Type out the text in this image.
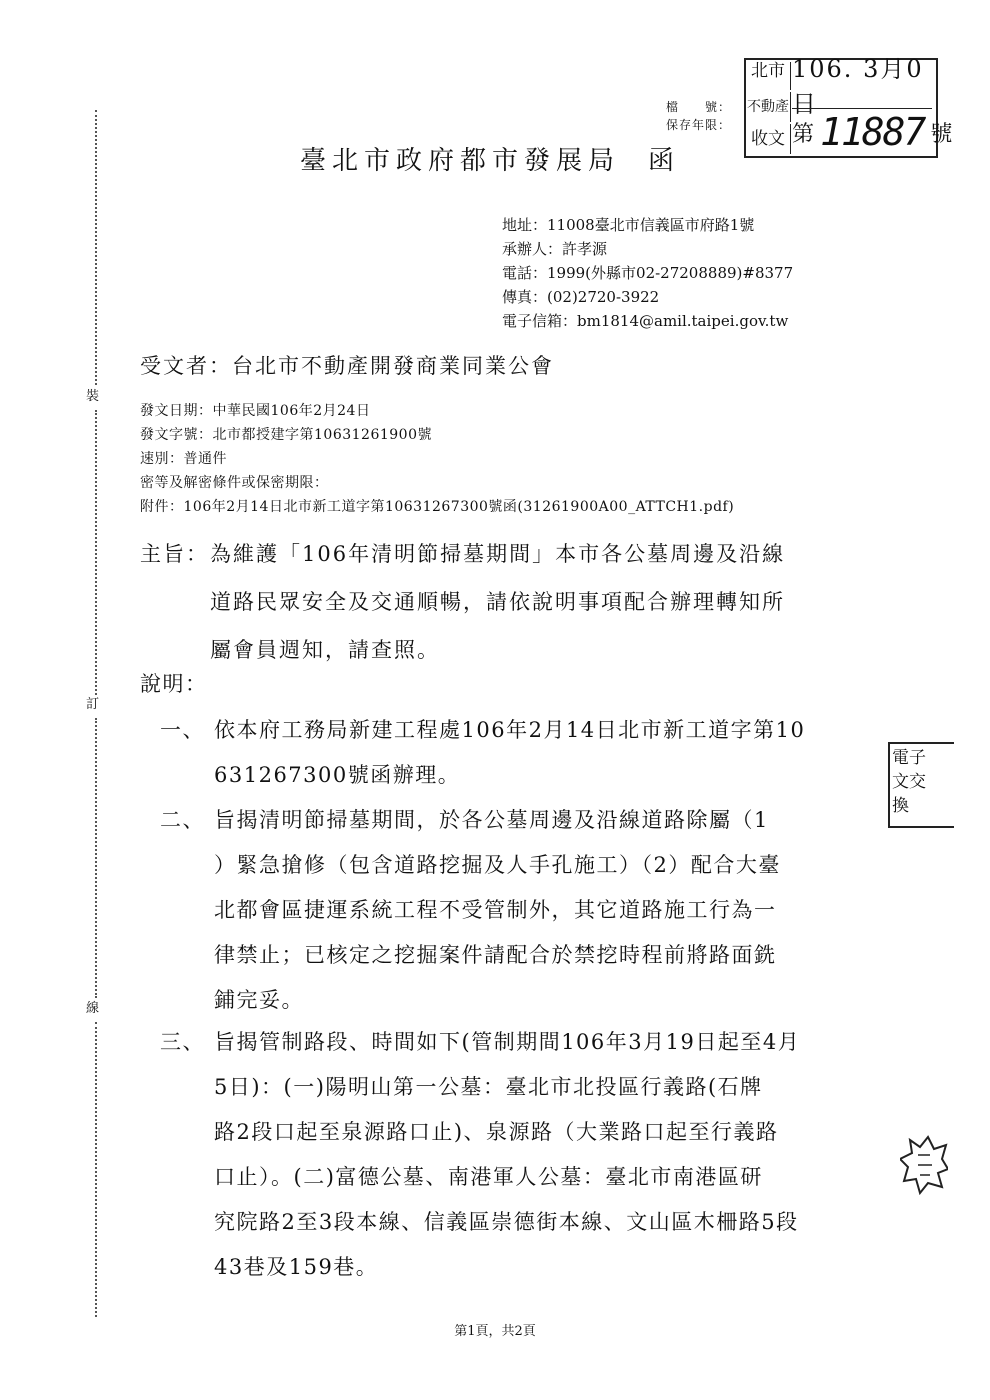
裝
訂
線
檔　　號：
保存年限：
北市
不動產
收文
106. 3月0日
第 11887 號
臺北市政府都市發展局 函
地址：11008臺北市信義區市府路1號
承辦人：許孝源
電話：1999(外縣市02-27208889)#8377
傳真：(02)2720-3922
電子信箱：bm1814@amil.taipei.gov.tw
受文者：台北市不動產開發商業同業公會
發文日期：中華民國106年2月24日
發文字號：北市都授建字第10631261900號
速別：普通件
密等及解密條件或保密期限：
附件：106年2月14日北市新工道字第10631267300號函(31261900A00_ATTCH1.pdf)
主旨： 為維護「106年清明節掃墓期間」本市各公墓周邊及沿線
道路民眾安全及交通順暢，請依說明事項配合辦理轉知所
屬會員週知，請查照。
說明：
一、 依本府工務局新建工程處106年2月14日北市新工道字第10
631267300號函辦理。
二、 旨揭清明節掃墓期間，於各公墓周邊及沿線道路除屬（1
）緊急搶修（包含道路挖掘及人手孔施工）（2）配合大臺
北都會區捷運系統工程不受管制外，其它道路施工行為一
律禁止；已核定之挖掘案件請配合於禁挖時程前將路面銑
鋪完妥。
三、 旨揭管制路段、時間如下(管制期間106年3月19日起至4月
5日)：(一)陽明山第一公墓：臺北市北投區行義路(石牌
路2段口起至泉源路口止)、泉源路（大業路口起至行義路
口止）。(二)富德公墓、南港軍人公墓：臺北市南港區研
究院路2至3段本線、信義區崇德街本線、文山區木柵路5段
43巷及159巷。
電子
文交
換
第1頁，共2頁
